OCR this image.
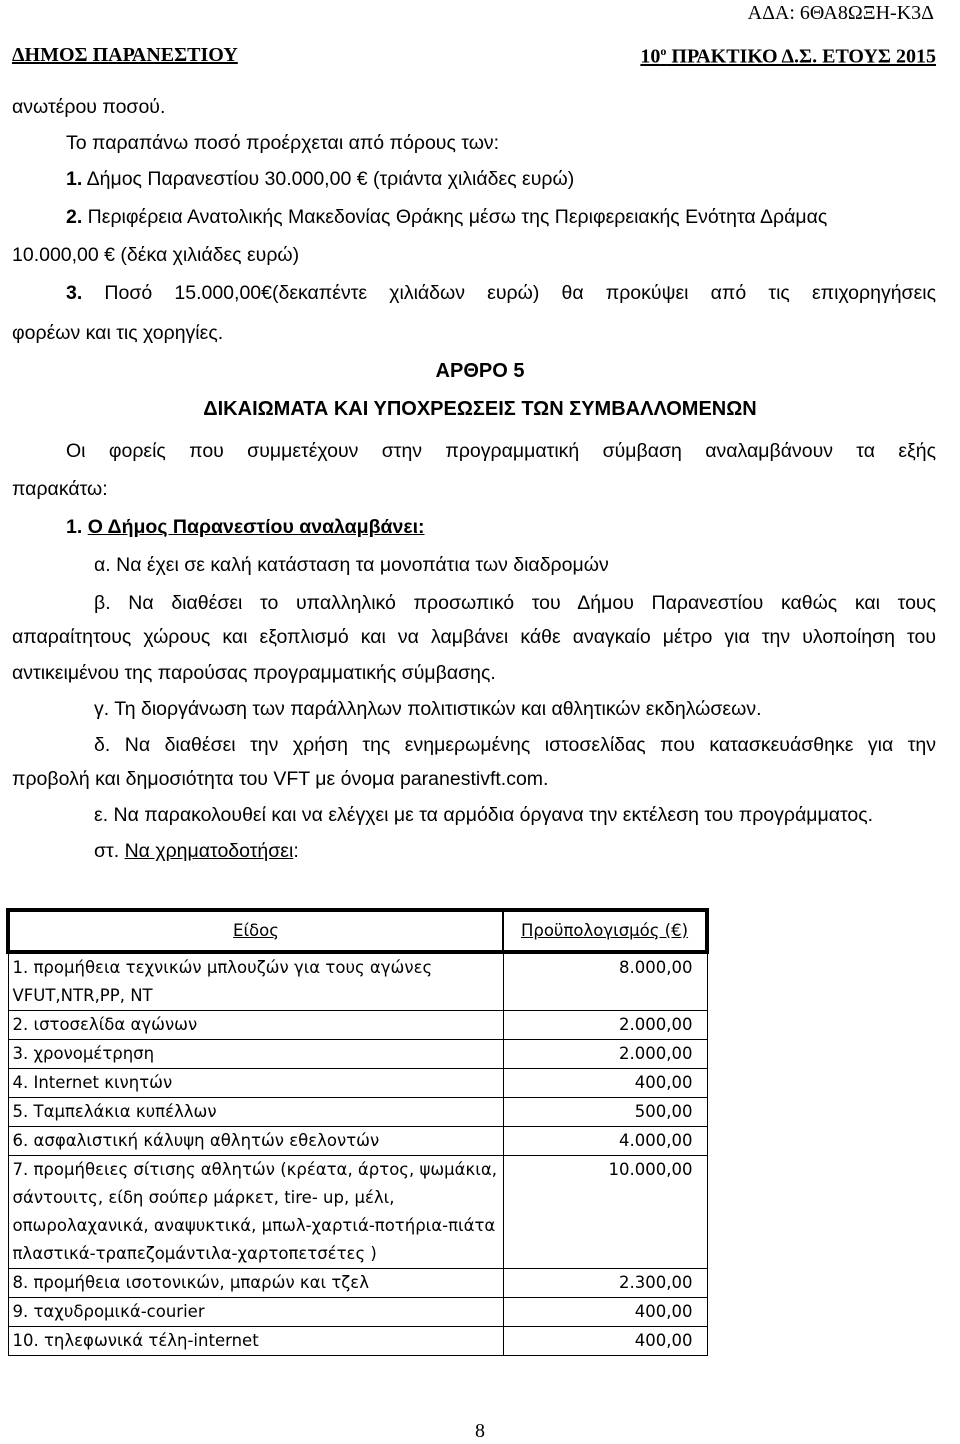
ΑΔΑ: 6ΘΑ8ΩΞΗ-Κ3Δ
ΔΗΜΟΣ ΠΑΡΑΝΕΣΤΙΟΥ	$10^o$ ΠΡΑΚΤΙΚΟ Δ.Σ. ΕΤΟΥΣ 2015
ανωτέρου ποσού.
Το παραπάνω ποσό προέρχεται από πόρους των:
1. Δήμος Παρανεστίου 30.000,00 € (τριάντα χιλιάδες ευρώ)
2. Περιφέρεια Ανατολικής Μακεδονίας Θράκης μέσω της Περιφερειακής Ενότητα Δράμας
10.000,00 € (δέκα χιλιάδες ευρώ)
3. Ποσό 15.000,00€(δεκαπέντε χιλιάδων ευρώ) θα προκύψει από τις επιχορηγήσεις
φορέων και τις χορηγίες.
ΑΡΘΡΟ 5
ΔΙΚΑΙΩΜΑΤΑ ΚΑΙ ΥΠΟΧΡΕΩΣΕΙΣ ΤΩΝ ΣΥΜΒΑΛΛΟΜΕΝΩΝ
Οι φορείς που συμμετέχουν στην προγραμματική σύμβαση αναλαμβάνουν τα εξής
παρακάτω:
1. Ο Δήμος Παρανεστίου αναλαμβάνει:
α. Να έχει σε καλή κατάσταση τα μονοπάτια των διαδρομών
β. Να διαθέσει το υπαλληλικό προσωπικό του Δήμου Παρανεστίου καθώς και τους
απαραίτητους χώρους και εξοπλισμό και να λαμβάνει κάθε αναγκαίο μέτρο για την υλοποίηση του
αντικειμένου της παρούσας προγραμματικής σύμβασης.
γ. Τη διοργάνωση των παράλληλων πολιτιστικών και αθλητικών εκδηλώσεων.
δ. Να διαθέσει την χρήση της ενημερωμένης ιστοσελίδας που κατασκευάσθηκε για την
προβολή και δημοσιότητα του VFT με όνομα paranestivft.com.
ε. Να παρακολουθεί και να ελέγχει με τα αρμόδια όργανα την εκτέλεση του προγράμματος.
στ. Να χρηματοδοτήσει:
Είδος	Προϋπολογισμός (€)
1. προμήθεια τεχνικών μπλουζών για τους αγώνες VFUT,NTR,PP, NT	8.000,00
2. ιστοσελίδα αγώνων	2.000,00
3. χρονομέτρηση	2.000,00
4. Internet κινητών	400,00
5. Ταμπελάκια κυπέλλων	500,00
6. ασφαλιστική κάλυψη αθλητών εθελοντών	4.000,00
7. προμήθειες σίτισης αθλητών (κρέατα, άρτος, ψωμάκια, σάντουιτς, είδη σούπερ μάρκετ, tire- up, μέλι, οπωρολαχανικά, αναψυκτικά, μπωλ-χαρτιά-ποτήρια-πιάτα πλαστικά-τραπεζομάντιλα-χαρτοπετσέτες )	10.000,00
8. προμήθεια ισοτονικών, μπαρών και τζελ	2.300,00
9. ταχυδρομικά-courier	400,00
10. τηλεφωνικά τέλη-internet	400,00
8
